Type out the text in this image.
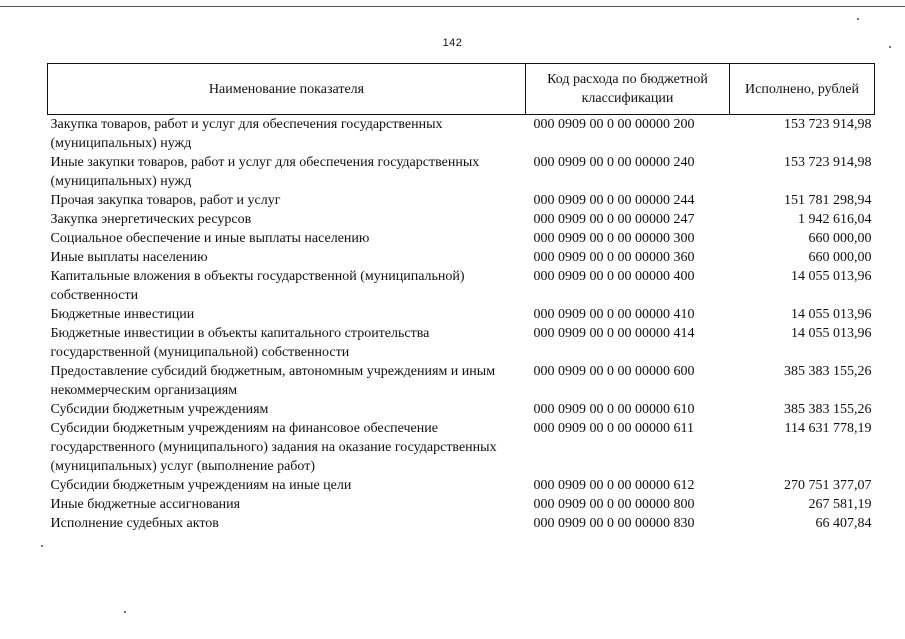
142
Наименование показателя	Код расхода по бюджетной классификации	Исполнено, рублей
Закупка товаров, работ и услуг для обеспечения государственных (муниципальных) нужд	000 0909 00 0 00 00000 200	153 723 914,98
Иные закупки товаров, работ и услуг для обеспечения государственных (муниципальных) нужд	000 0909 00 0 00 00000 240	153 723 914,98
Прочая закупка товаров, работ и услуг	000 0909 00 0 00 00000 244	151 781 298,94
Закупка энергетических ресурсов	000 0909 00 0 00 00000 247	1 942 616,04
Социальное обеспечение и иные выплаты населению	000 0909 00 0 00 00000 300	660 000,00
Иные выплаты населению	000 0909 00 0 00 00000 360	660 000,00
Капитальные вложения в объекты государственной (муниципальной) собственности	000 0909 00 0 00 00000 400	14 055 013,96
Бюджетные инвестиции	000 0909 00 0 00 00000 410	14 055 013,96
Бюджетные инвестиции в объекты капитального строительства государственной (муниципальной) собственности	000 0909 00 0 00 00000 414	14 055 013,96
Предоставление субсидий бюджетным, автономным учреждениям и иным некоммерческим организациям	000 0909 00 0 00 00000 600	385 383 155,26
Субсидии бюджетным учреждениям	000 0909 00 0 00 00000 610	385 383 155,26
Субсидии бюджетным учреждениям на финансовое обеспечение государственного (муниципального) задания на оказание государственных (муниципальных) услуг (выполнение работ)	000 0909 00 0 00 00000 611	114 631 778,19
Субсидии бюджетным учреждениям на иные цели	000 0909 00 0 00 00000 612	270 751 377,07
Иные бюджетные ассигнования	000 0909 00 0 00 00000 800	267 581,19
Исполнение судебных актов	000 0909 00 0 00 00000 830	66 407,84
